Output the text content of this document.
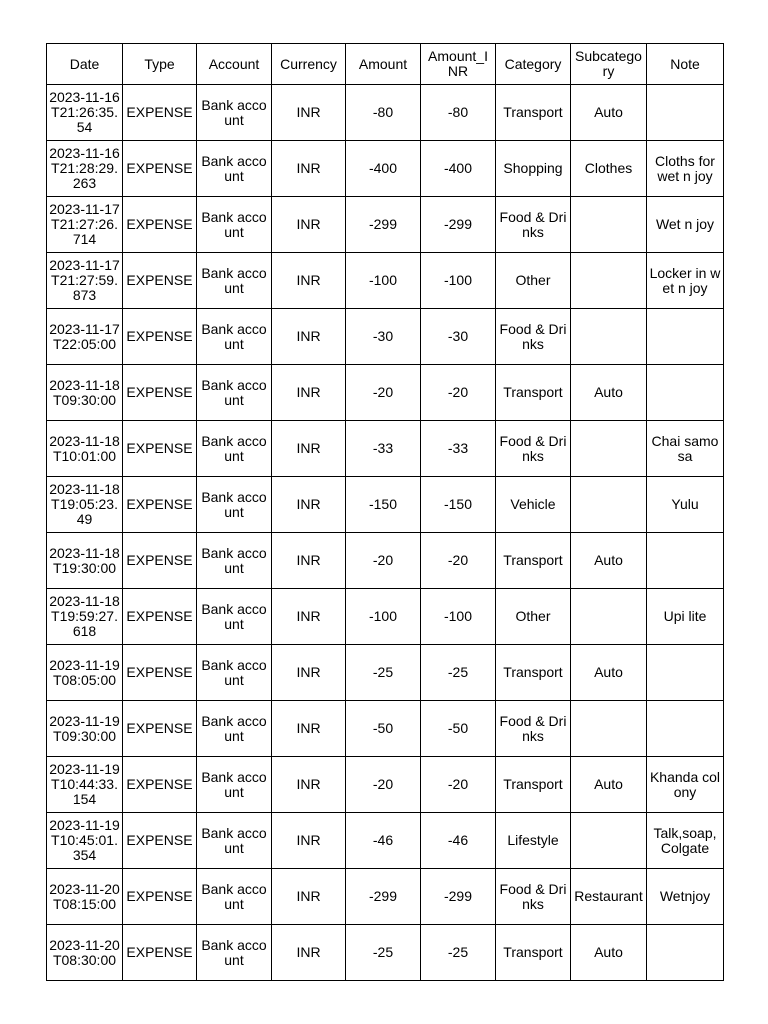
Date	Type	Account	Currency	Amount	Amount_INR	Category	Subcategory	Note
2023-11-16T21:26:35.54	EXPENSE	Bank account	INR	-80	-80	Transport	Auto	
2023-11-16T21:28:29.263	EXPENSE	Bank account	INR	-400	-400	Shopping	Clothes	Cloths for wet n joy
2023-11-17T21:27:26.714	EXPENSE	Bank account	INR	-299	-299	Food & Drinks		Wet n joy
2023-11-17T21:27:59.873	EXPENSE	Bank account	INR	-100	-100	Other		Locker in wet n joy
2023-11-17T22:05:00	EXPENSE	Bank account	INR	-30	-30	Food & Drinks		
2023-11-18T09:30:00	EXPENSE	Bank account	INR	-20	-20	Transport	Auto	
2023-11-18T10:01:00	EXPENSE	Bank account	INR	-33	-33	Food & Drinks		Chai samosa
2023-11-18T19:05:23.49	EXPENSE	Bank account	INR	-150	-150	Vehicle		Yulu
2023-11-18T19:30:00	EXPENSE	Bank account	INR	-20	-20	Transport	Auto	
2023-11-18T19:59:27.618	EXPENSE	Bank account	INR	-100	-100	Other		Upi lite
2023-11-19T08:05:00	EXPENSE	Bank account	INR	-25	-25	Transport	Auto	
2023-11-19T09:30:00	EXPENSE	Bank account	INR	-50	-50	Food & Drinks		
2023-11-19T10:44:33.154	EXPENSE	Bank account	INR	-20	-20	Transport	Auto	Khanda colony
2023-11-19T10:45:01.354	EXPENSE	Bank account	INR	-46	-46	Lifestyle		Talk,soap, Colgate
2023-11-20T08:15:00	EXPENSE	Bank account	INR	-299	-299	Food & Drinks	Restaurant	Wetnjoy
2023-11-20T08:30:00	EXPENSE	Bank account	INR	-25	-25	Transport	Auto	
